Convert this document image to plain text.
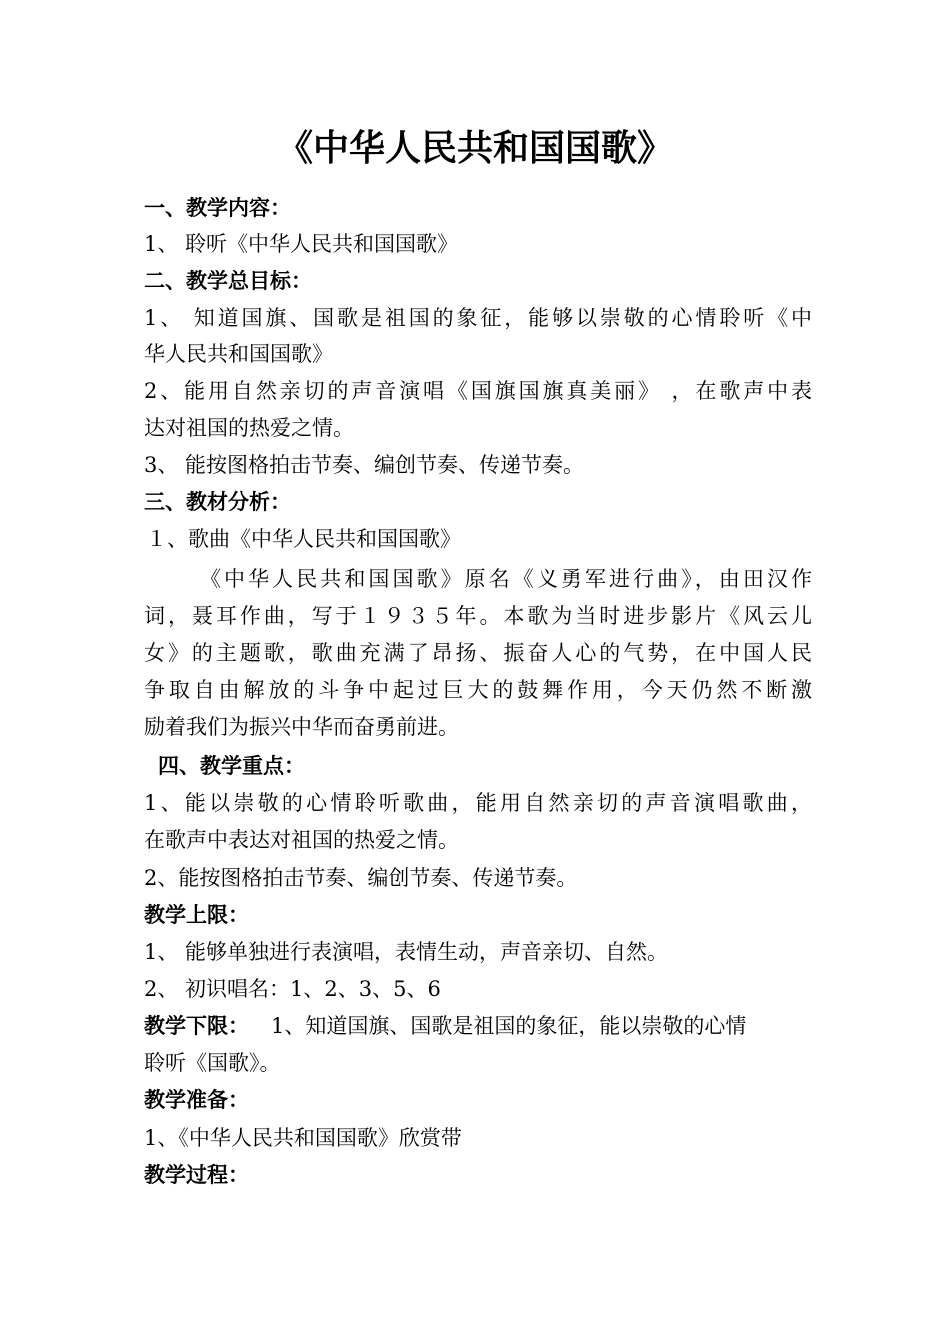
《中华人民共和国国歌》
一、教学内容：
1、 聆听《中华人民共和国国歌》
二、教学总目标：
1、 知道国旗、国歌是祖国的象征，能够以崇敬的心情聆听《中
华人民共和国国歌》
2、能用自然亲切的声音演唱《国旗国旗真美丽》 ，在歌声中表
达对祖国的热爱之情。
3、 能按图格拍击节奏、编创节奏、传递节奏。
三、教材分析：
１、歌曲《中华人民共和国国歌》
《中华人民共和国国歌》原名《义勇军进行曲》，由田汉作
词，聂耳作曲，写于１９３５年。本歌为当时进步影片《风云儿
女》的主题歌，歌曲充满了昂扬、振奋人心的气势，在中国人民
争取自由解放的斗争中起过巨大的鼓舞作用，今天仍然不断激
励着我们为振兴中华而奋勇前进。
四、教学重点：
1、能以崇敬的心情聆听歌曲，能用自然亲切的声音演唱歌曲，
在歌声中表达对祖国的热爱之情。
2、能按图格拍击节奏、编创节奏、传递节奏。
教学上限：
1、 能够单独进行表演唱，表情生动，声音亲切、自然。
2、 初识唱名：1、2、3、5、6
教学下限： 1、知道国旗、国歌是祖国的象征，能以崇敬的心情
聆听《国歌》。
教学准备：
1、《中华人民共和国国歌》欣赏带
教学过程：
